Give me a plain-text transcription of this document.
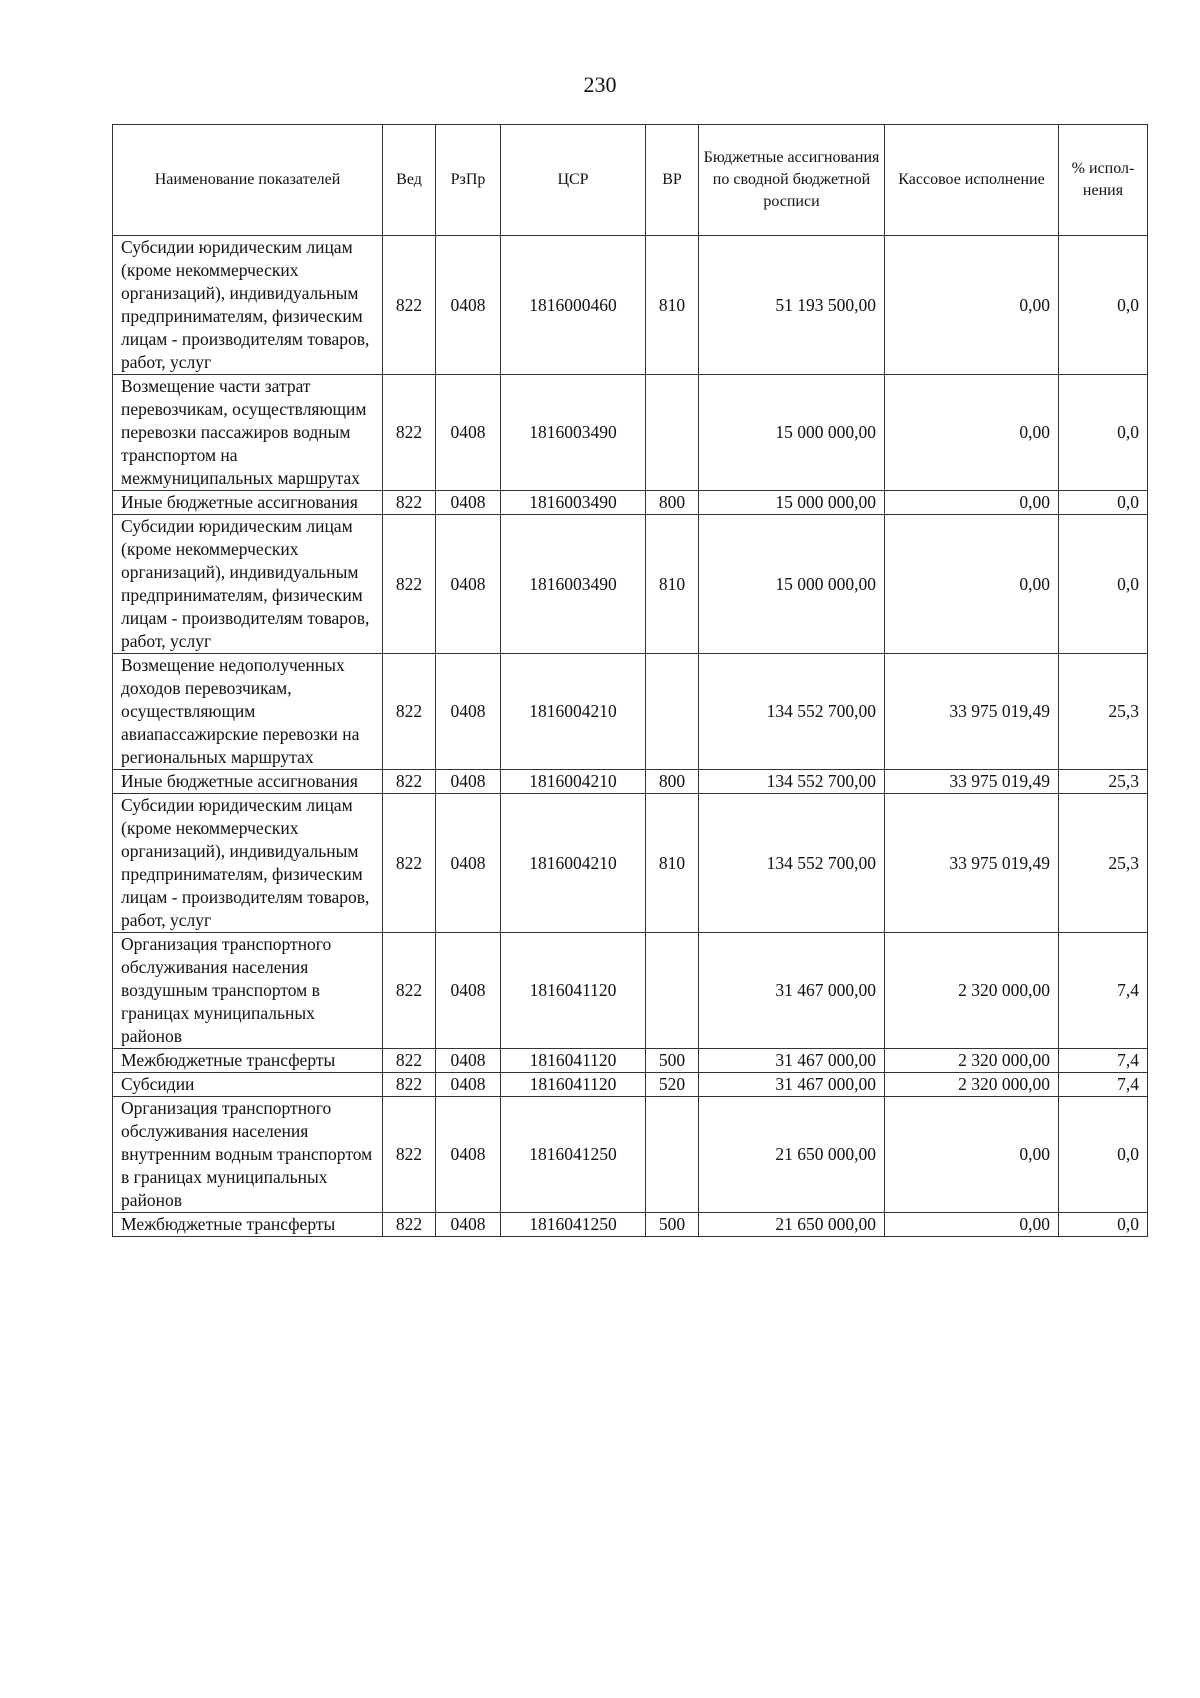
230
Наименование показателей	Вед	РзПр	ЦСР	ВР	Бюджетные ассигнования по сводной бюджетной росписи	Кассовое исполнение	% испол-нения
Субсидии юридическим лицам (кроме некоммерческих организаций), индивидуальным предпринимателям, физическим лицам - производителям товаров, работ, услуг	822	0408	1816000460	810	51 193 500,00	0,00	0,0
Возмещение части затрат перевозчикам, осуществляющим перевозки пассажиров водным транспортом на межмуниципальных маршрутах	822	0408	1816003490		15 000 000,00	0,00	0,0
Иные бюджетные ассигнования	822	0408	1816003490	800	15 000 000,00	0,00	0,0
Субсидии юридическим лицам (кроме некоммерческих организаций), индивидуальным предпринимателям, физическим лицам - производителям товаров, работ, услуг	822	0408	1816003490	810	15 000 000,00	0,00	0,0
Возмещение недополученных доходов перевозчикам, осуществляющим авиапассажирские перевозки на региональных маршрутах	822	0408	1816004210		134 552 700,00	33 975 019,49	25,3
Иные бюджетные ассигнования	822	0408	1816004210	800	134 552 700,00	33 975 019,49	25,3
Субсидии юридическим лицам (кроме некоммерческих организаций), индивидуальным предпринимателям, физическим лицам - производителям товаров, работ, услуг	822	0408	1816004210	810	134 552 700,00	33 975 019,49	25,3
Организация транспортного обслуживания населения воздушным транспортом в границах муниципальных районов	822	0408	1816041120		31 467 000,00	2 320 000,00	7,4
Межбюджетные трансферты	822	0408	1816041120	500	31 467 000,00	2 320 000,00	7,4
Субсидии	822	0408	1816041120	520	31 467 000,00	2 320 000,00	7,4
Организация транспортного обслуживания населения внутренним водным транспортом в границах муниципальных районов	822	0408	1816041250		21 650 000,00	0,00	0,0
Межбюджетные трансферты	822	0408	1816041250	500	21 650 000,00	0,00	0,0
